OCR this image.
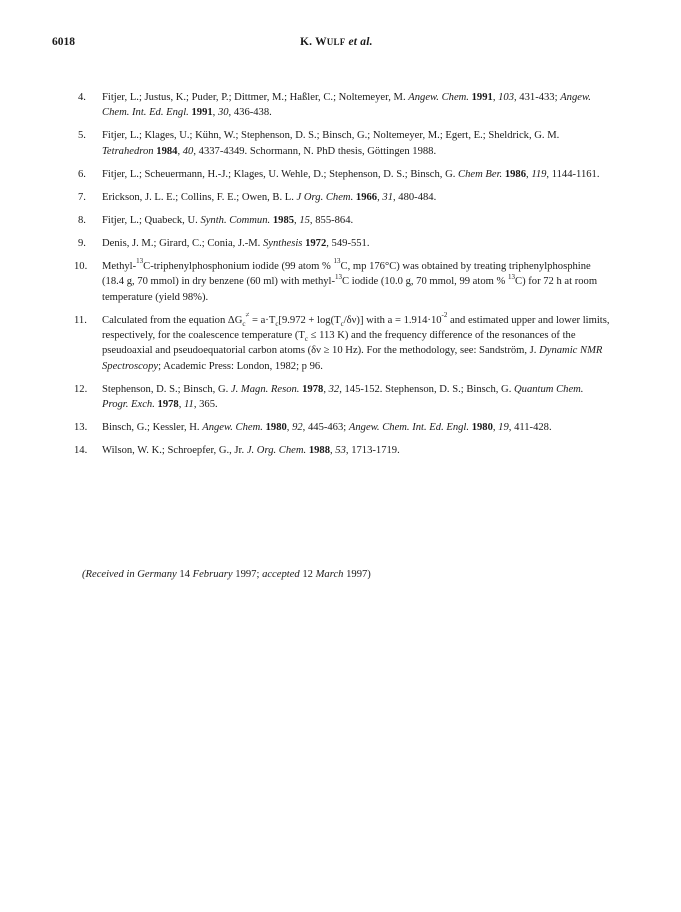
6018	K. WULF et al.
4. Fitjer, L.; Justus, K.; Puder, P.; Dittmer, M.; Haßler, C.; Noltemeyer, M. Angew. Chem. 1991, 103, 431-433; Angew. Chem. Int. Ed. Engl. 1991, 30, 436-438.
5. Fitjer, L.; Klages, U.; Kühn, W.; Stephenson, D. S.; Binsch, G.; Noltemeyer, M.; Egert, E.; Sheldrick, G. M. Tetrahedron 1984, 40, 4337-4349. Schormann, N. PhD thesis, Göttingen 1988.
6. Fitjer, L.; Scheuermann, H.-J.; Klages, U. Wehle, D.; Stephenson, D. S.; Binsch, G. Chem Ber. 1986, 119, 1144-1161.
7. Erickson, J. L. E.; Collins, F. E.; Owen, B. L. J Org. Chem. 1966, 31, 480-484.
8. Fitjer, L.; Quabeck, U. Synth. Commun. 1985, 15, 855-864.
9. Denis, J. M.; Girard, C.; Conia, J.-M. Synthesis 1972, 549-551.
10. Methyl-$^{13}$C-triphenylphosphonium iodide (99 atom % $^{13}$C, mp 176°C) was obtained by treating triphenylphosphine (18.4 g, 70 mmol) in dry benzene (60 ml) with methyl-$^{13}$C iodide (10.0 g, 70 mmol, 99 atom % $^{13}$C) for 72 h at room temperature (yield 98%).
11. Calculated from the equation $\Delta G_c^\ne = a\cdot T_c[9.972 + \log(T_c/\delta\nu)]$ with $a = 1.914\cdot 10^{-2}$ and estimated upper and lower limits, respectively, for the coalescence temperature ($T_c \le 113$ K) and the frequency difference of the resonances of the pseudoaxial and pseudoequatorial carbon atoms (δν ≥ 10 Hz). For the methodology, see: Sandström, J. Dynamic NMR Spectroscopy; Academic Press: London, 1982; p 96.
12. Stephenson, D. S.; Binsch, G. J. Magn. Reson. 1978, 32, 145-152. Stephenson, D. S.; Binsch, G. Quantum Chem. Progr. Exch. 1978, 11, 365.
13. Binsch, G.; Kessler, H. Angew. Chem. 1980, 92, 445-463; Angew. Chem. Int. Ed. Engl. 1980, 19, 411-428.
14. Wilson, W. K.; Schroepfer, G., Jr. J. Org. Chem. 1988, 53, 1713-1719.
(Received in Germany 14 February 1997; accepted 12 March 1997)
